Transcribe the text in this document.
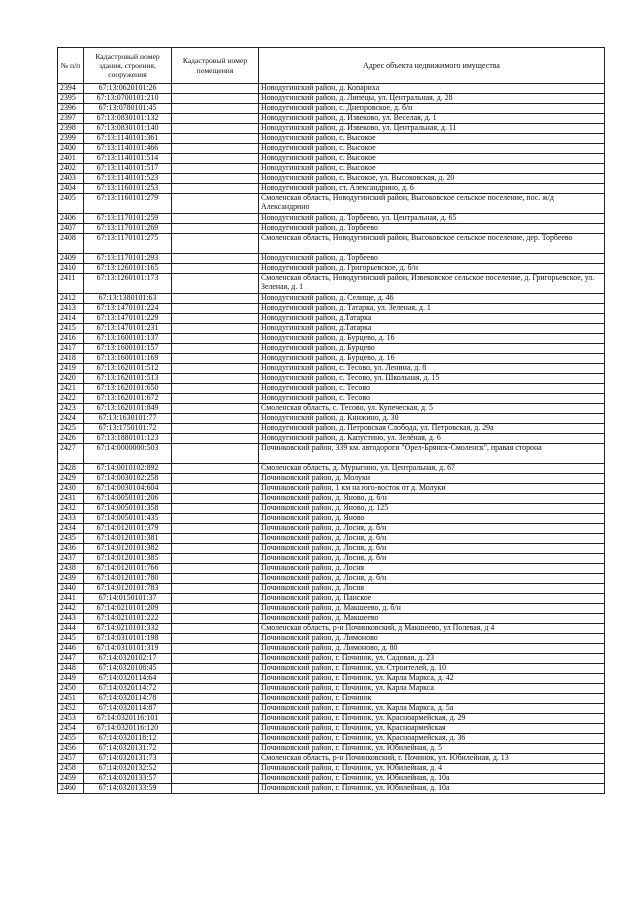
№ п/п	Кадастровый номер здания, строения, сооружения	Кадастровый номер помещения	Адрес объекта недвижимого имущества
2394	67:13:0620101:26		Новодугинский район, д. Копариха
2395	67:13:0700101:210		Новодугинский район, д. Липецы, ул. Центральная, д. 28
2396	67:13:0780101:45		Новодугинский район, с. Днепровское, д. б/н
2397	67:13:0830101:132		Новодугинский район, д. Извеково, ул. Веселая, д. 1
2398	67:13:0830101:140		Новодугинский район, д. Извеково, ул. Центральная, д. 11
2399	67:13:1140101:361		Новодугинский район, с. Высокое
2400	67:13:1140101:466		Новодугинский район, с. Высокое
2401	67:13:1140101:514		Новодугинский район, с. Высокое
2402	67:13:1140101:517		Новодугинский район, с. Высокое
2403	67:13:1140101:523		Новодугинский район, с. Высокое, ул. Высоковская, д. 20
2404	67:13:1160101:253		Новодугинский район, ст. Александрино, д. 6
2405	67:13:1160101:279		Смоленская область, Новодугинский район, Высоковское сельское поселение, пос. ж/д Александрино
2406	67:13:1170101:259		Новодугинский район, д. Торбеево, ул. Центральная, д. 65
2407	67:13:1170101:269		Новодугинский район, д. Торбеево
2408	67:13:1170101:275		Смоленская область, Новодугинский район, Высоковское сельское поселение, дер. Торбеево
2409	67:13:1170101:293		Новодугинский район, д. Торбеево
2410	67:13:1260101:165		Новодугинский район, д. Григорьевское, д. б/н
2411	67:13:1260101:173		Смоленская область, Новодугинский район, Извековское сельское поселение, д. Григорьевское, ул. Зеленая, д. 1
2412	67:13:1380101:63		Новодугинский район, д. Селище, д. 46
2413	67:13:1470101:224		Новодугинский район, д. Татарка, ул. Зеленая, д. 1
2414	67:13:1470101:229		Новодугинский район, д.Татарка
2415	67:13:1470101:231		Новодугинский район, д.Татарка
2416	67:13:1600101:137		Новодугинский район, д. Бурцево, д. 16
2417	67:13:1600101:157		Новодугинский район, д. Бурцево
2418	67:13:1600101:169		Новодугинский район, д. Бурцево, д. 16
2419	67:13:1620101:512		Новодугинский район, с. Тесово, ул. Ленина, д. 8
2420	67:13:1620101:513		Новодугинский район, с. Тесово, ул. Школьная, д. 15
2421	67:13:1620101:650		Новодугинский район, с. Тесово
2422	67:13:1620101:672		Новодугинский район, с. Тесово
2423	67:13:1620101:849		Смоленская область, с. Тесово, ул. Купеческая, д. 5
2424	67:13:1630101:77		Новодугинский район, д. Книжино, д. 30
2425	67:13:1750101:72		Новодугинский район, д. Петровская Слобода, ул. Петровская, д. 29а
2426	67:13:1880101:123		Новодугинский район, д. Капустино, ул. Зелёная, д. 6
2427	67:14:0000000:503		Починковский район, 339 км. автодороги "Орел-Брянск-Смоленск", правая сторона
2428	67:14:0010102:892		Смоленская область, д. Мурыгино, ул. Центральная, д. 67
2429	67:14:0030102:258		Починковский район, д. Молуки
2430	67:14:0030104:604		Починковский район, 1 км на юго-восток от д. Молуки
2431	67:14:0050101:206		Починковский район, д. Яново, д. б/н
2432	67:14:0050101:358		Починковский район, д. Яново, д. 125
2433	67:14:0050101:435		Починковский район, д. Яново
2434	67:14:0120101:379		Починковский район, д. Лосня, д. б/н
2435	67:14:0120101:381		Починковский район, д. Лосня, д. б/н
2436	67:14:0120101:382		Починковский район, д. Лосня, д. б/н
2437	67:14:0120101:385		Починковский район, д. Лосня, д. б/н
2438	67:14:0120101:766		Починковский район, д. Лосня
2439	67:14:0120101:780		Починковский район, д. Лосня, д. б/н
2440	67:14:0120101:783		Починковский район, д. Лосня
2441	67:14:0150101:37		Починковский район, д. Панское
2442	67:14:0210101:209		Починковский район, д. Макшеево, д. б/н
2443	67:14:0210101:222		Починковский район, д. Макшеево
2444	67:14:0210101:332		Смоленская область, р-н Починковский, д Макшеево, ул Полевая, д 4
2445	67:14:0310101:198		Починковский район, д. Лимоново
2446	67:14:0310101:319		Починковский район, д. Лимоново, д. 80
2447	67:14:0320102:17		Починковский район, г. Починок, ул. Садовая, д. 23
2448	67:14:0320108:45		Починковский район, г. Починок, ул. Строителей, д. 10
2449	67:14:0320114:64		Починковский район, г. Починок, ул. Карла Маркса, д. 42
2450	67:14:0320114:72		Починковский район, г. Починок, ул. Карла Маркса
2451	67:14:0320114:78		Починковский район, г. Починок
2452	67:14:0320114:87		Починковский район, г. Починок, ул. Карла Маркса, д. 5а
2453	67:14:0320116:101		Починковский район, г. Починок, ул. Красноармейская, д. 29
2454	67:14:0320116:120		Починковский район, г. Починок, ул. Красноармейская
2455	67:14:0320118:12		Починковский район, г. Починок, ул. Красноармейская, д. 36
2456	67:14:0320131:72		Починковский район, г. Починок, ул. Юбилейная, д. 5
2457	67:14:0320131:73		Смоленская область, р-н Починковский, г. Починок, ул. Юбилейная, д. 13
2458	67:14:0320132:52		Починковский район, г. Починок, ул. Юбилейная, д. 4
2459	67:14:0320133:57		Починковский район, г. Починок, ул. Юбилейная, д. 10а
2460	67:14:0320133:59		Починковский район, г. Починок, ул. Юбилейная, д. 10а
